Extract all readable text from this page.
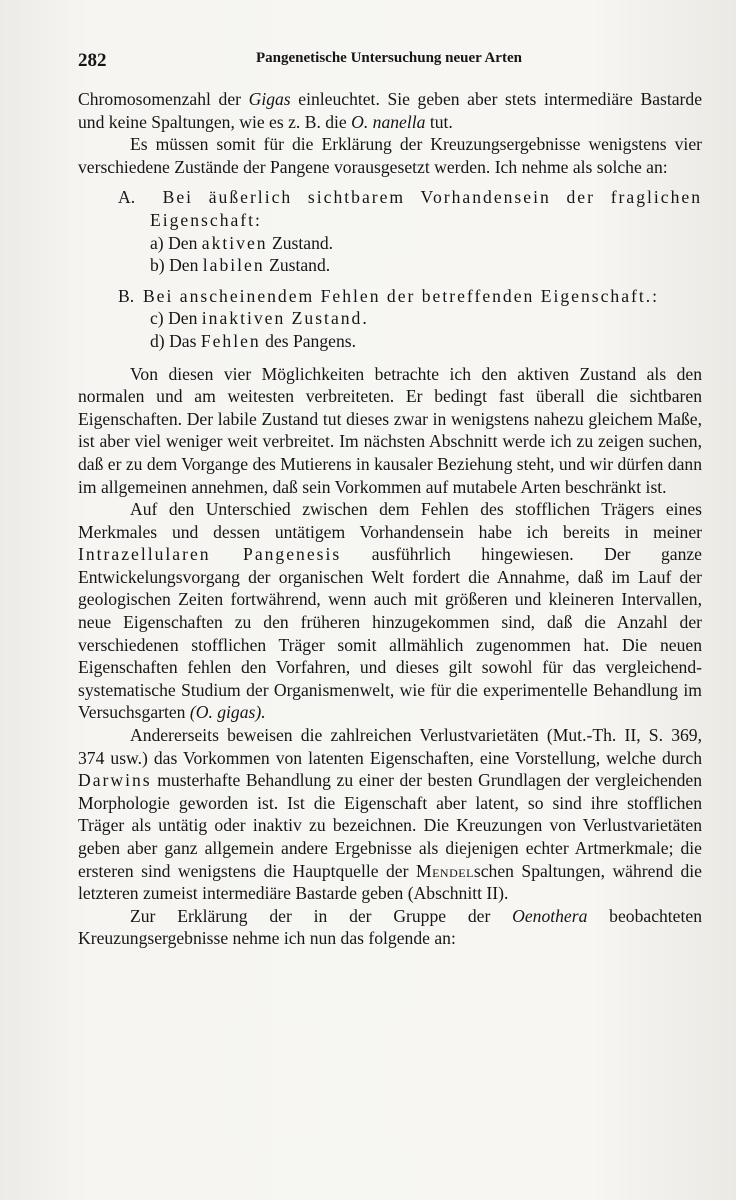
282	Pangenetische Untersuchung neuer Arten

Chromosomenzahl der Gigas einleuchtet. Sie geben aber stets intermediäre Bastarde und keine Spaltungen, wie es z. B. die O. nanella tut.

Es müssen somit für die Erklärung der Kreuzungsergebnisse wenigstens vier verschiedene Zustände der Pangene vorausgesetzt werden. Ich nehme als solche an:

A. Bei äußerlich sichtbarem Vorhandensein der fraglichen Eigenschaft:

a) Den aktiven Zustand.

b) Den labilen Zustand.

B. Bei anscheinendem Fehlen der betreffenden Eigenschaft.:

c) Den inaktiven Zustand.

d) Das Fehlen des Pangens.

Von diesen vier Möglichkeiten betrachte ich den aktiven Zustand als den normalen und am weitesten verbreiteten. Er bedingt fast überall die sichtbaren Eigenschaften. Der labile Zustand tut dieses zwar in wenigstens nahezu gleichem Maße, ist aber viel weniger weit verbreitet. Im nächsten Abschnitt werde ich zu zeigen suchen, daß er zu dem Vorgange des Mutierens in kausaler Beziehung steht, und wir dürfen dann im allgemeinen annehmen, daß sein Vorkommen auf mutabele Arten beschränkt ist.

Auf den Unterschied zwischen dem Fehlen des stofflichen Trägers eines Merkmales und dessen untätigem Vorhandensein habe ich bereits in meiner Intrazellularen Pangenesis ausführlich hingewiesen. Der ganze Entwickelungsvorgang der organischen Welt fordert die Annahme, daß im Lauf der geologischen Zeiten fortwährend, wenn auch mit größeren und kleineren Intervallen, neue Eigenschaften zu den früheren hinzugekommen sind, daß die Anzahl der verschiedenen stofflichen Träger somit allmählich zugenommen hat. Die neuen Eigenschaften fehlen den Vorfahren, und dieses gilt sowohl für das vergleichend-systematische Studium der Organismenwelt, wie für die experimentelle Behandlung im Versuchsgarten (O. gigas).

Andererseits beweisen die zahlreichen Verlustvarietäten (Mut.-Th. II, S. 369, 374 usw.) das Vorkommen von latenten Eigenschaften, eine Vorstellung, welche durch Darwins musterhafte Behandlung zu einer der besten Grundlagen der vergleichenden Morphologie geworden ist. Ist die Eigenschaft aber latent, so sind ihre stofflichen Träger als untätig oder inaktiv zu bezeichnen. Die Kreuzungen von Verlustvarietäten geben aber ganz allgemein andere Ergebnisse als diejenigen echter Artmerkmale; die ersteren sind wenigstens die Hauptquelle der Mendelschen Spaltungen, während die letzteren zumeist intermediäre Bastarde geben (Abschnitt II).

Zur Erklärung der in der Gruppe der Oenothera beobachteten Kreuzungsergebnisse nehme ich nun das folgende an:
